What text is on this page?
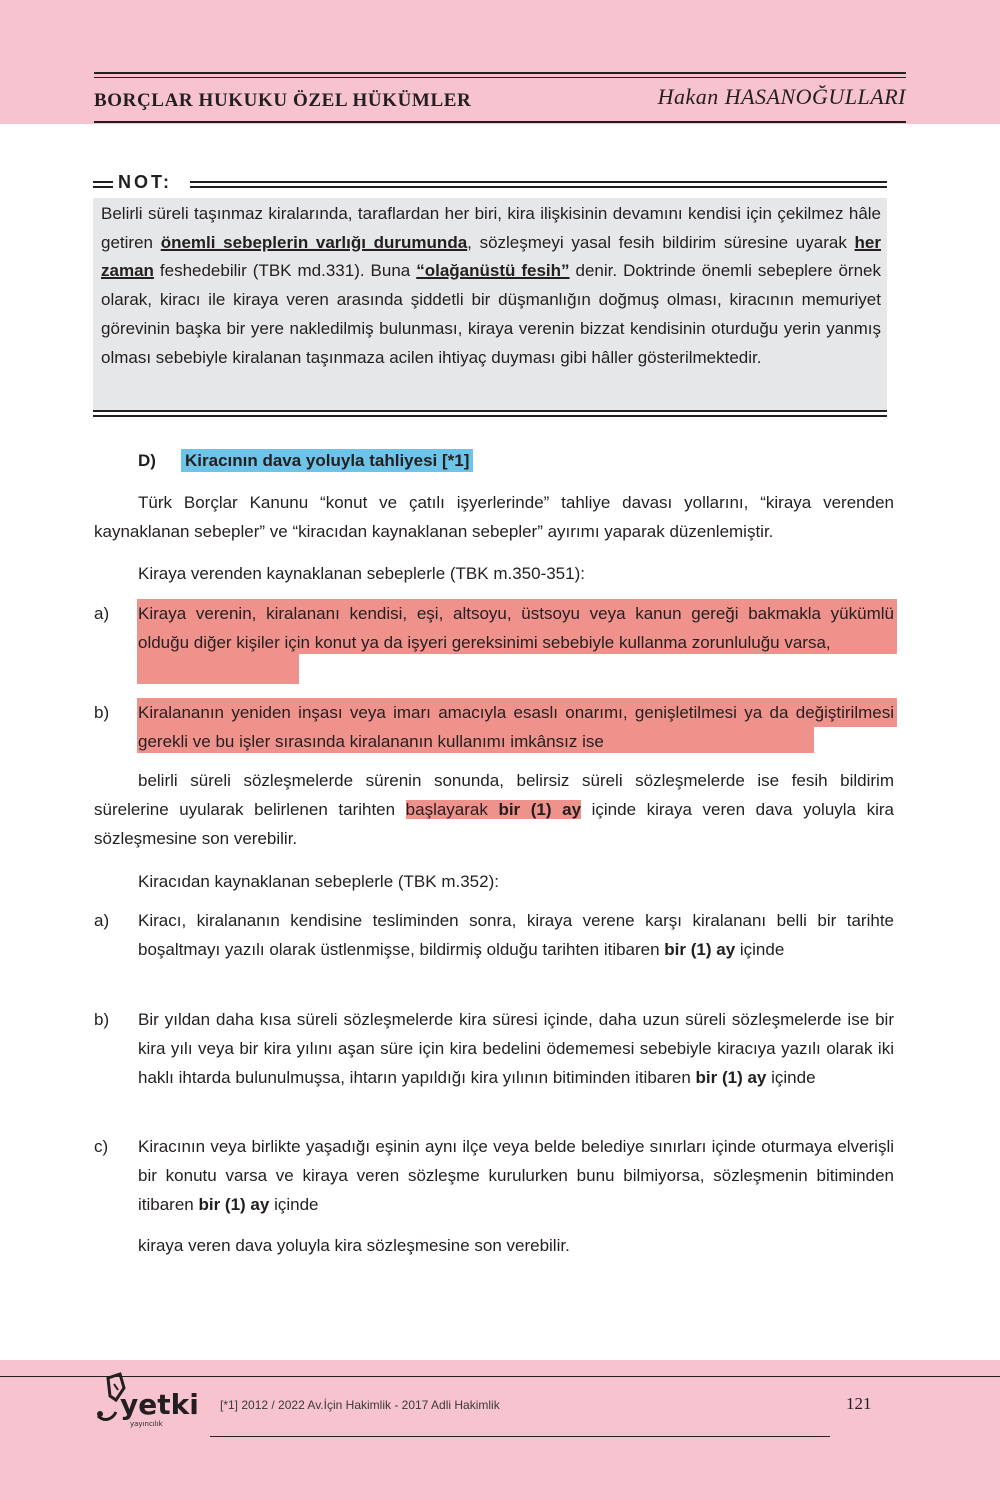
BORÇLAR HUKUKU ÖZEL HÜKÜMLER	Hakan HASANOĞULLARI
NOT:
Belirli süreli taşınmaz kiralarında, taraflardan her biri, kira ilişkisinin devamını kendisi için çekilmez hâle getiren önemli sebeplerin varlığı durumunda, sözleşmeyi yasal fesih bildirim süresine uyarak her zaman feshedebilir (TBK md.331). Buna “olağanüstü fesih” denir. Doktrinde önemli sebeplere örnek olarak, kiracı ile kiraya veren arasında şiddetli bir düşmanlığın doğmuş olması, kiracının memuriyet görevinin başka bir yere nakledilmiş bulunması, kiraya verenin bizzat kendisinin oturduğu yerin yanmış olması sebebiyle kiralanan taşınmaza acilen ihtiyaç duyması gibi hâller gösterilmektedir.
D) Kiracının dava yoluyla tahliyesi [*1]
Türk Borçlar Kanunu “konut ve çatılı işyerlerinde” tahliye davası yollarını, “kiraya verenden kaynaklanan sebepler” ve “kiracıdan kaynaklanan sebepler” ayırımı yaparak düzenlemiştir.
Kiraya verenden kaynaklanan sebeplerle (TBK m.350-351):
a) Kiraya verenin, kiralananı kendisi, eşi, altsoyu, üstsoyu veya kanun gereği bakmakla yükümlü olduğu diğer kişiler için konut ya da işyeri gereksinimi sebebiyle kullanma zorunluluğu varsa,
b) Kiralananın yeniden inşası veya imarı amacıyla esaslı onarımı, genişletilmesi ya da değiştirilmesi gerekli ve bu işler sırasında kiralananın kullanımı imkânsız ise
belirli süreli sözleşmelerde sürenin sonunda, belirsiz süreli sözleşmelerde ise fesih bildirim sürelerine uyularak belirlenen tarihten başlayarak bir (1) ay içinde kiraya veren dava yoluyla kira sözleşmesine son verebilir.
Kiracıdan kaynaklanan sebeplerle (TBK m.352):
a) Kiracı, kiralananın kendisine tesliminden sonra, kiraya verene karşı kiralananı belli bir tarihte boşaltmayı yazılı olarak üstlenmişse, bildirmiş olduğu tarihten itibaren bir (1) ay içinde
b) Bir yıldan daha kısa süreli sözleşmelerde kira süresi içinde, daha uzun süreli sözleşmelerde ise bir kira yılı veya bir kira yılını aşan süre için kira bedelini ödememesi sebebiyle kiracıya yazılı olarak iki haklı ihtarda bulunulmuşsa, ihtarın yapıldığı kira yılının bitiminden itibaren bir (1) ay içinde
c) Kiracının veya birlikte yaşadığı eşinin aynı ilçe veya belde belediye sınırları içinde oturmaya elverişli bir konutu varsa ve kiraya veren sözleşme kurulurken bunu bilmiyorsa, sözleşmenin bitiminden itibaren bir (1) ay içinde
kiraya veren dava yoluyla kira sözleşmesine son verebilir.
yetki
yayıncılık
[*1] 2012 / 2022 Av.İçin Hakimlik - 2017 Adli Hakimlik	121
